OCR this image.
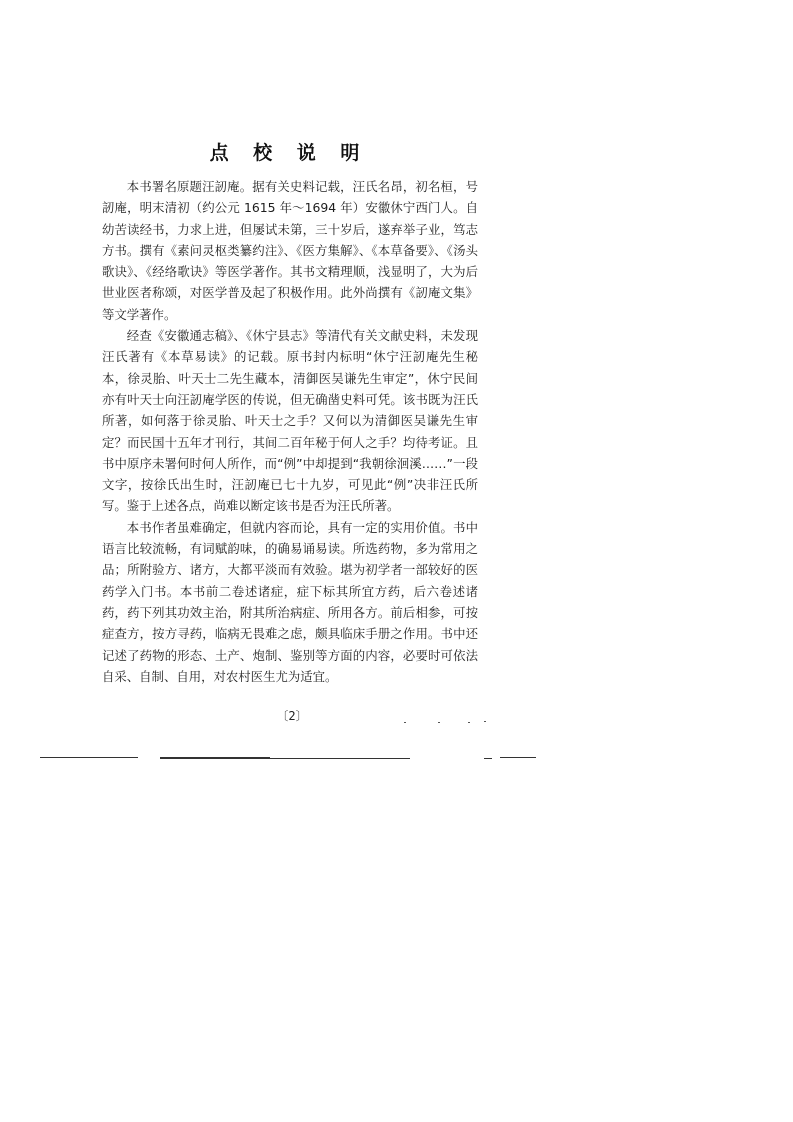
点 校 说 明

本书署名原题汪訒庵。据有关史料记载，汪氏名昂，初名桓，号訒庵，明末清初（约公元 1615 年～1694 年）安徽休宁西门人。自幼苦读经书，力求上进，但屡试未第，三十岁后，遂弃举子业，笃志方书。撰有《素问灵枢类纂约注》、《医方集解》、《本草备要》、《汤头歌诀》、《经络歌诀》等医学著作。其书文精理顺，浅显明了，大为后世业医者称颂，对医学普及起了积极作用。此外尚撰有《訒庵文集》等文学著作。

经查《安徽通志稿》、《休宁县志》等清代有关文献史料，未发现汪氏著有《本草易读》的记载。原书封内标明“休宁汪訒庵先生秘本，徐灵胎、叶天士二先生藏本，清御医吴谦先生审定”，休宁民间亦有叶天士向汪訒庵学医的传说，但无确凿史料可凭。该书既为汪氏所著，如何落于徐灵胎、叶天士之手？又何以为清御医吴谦先生审定？而民国十五年才刊行，其间二百年秘于何人之手？均待考证。且书中原序未署何时何人所作，而“例”中却提到“我朝徐洄溪……”一段文字，按徐氏出生时，汪訒庵已七十九岁，可见此“例”决非汪氏所写。鉴于上述各点，尚难以断定该书是否为汪氏所著。

本书作者虽难确定，但就内容而论，具有一定的实用价值。书中语言比较流畅，有词赋韵味，的确易诵易读。所选药物，多为常用之品；所附验方、诸方，大都平淡而有效验。堪为初学者一部较好的医药学入门书。本书前二卷述诸症，症下标其所宜方药，后六卷述诸药，药下列其功效主治，附其所治病症、所用各方。前后相参，可按症查方，按方寻药，临病无畏难之虑，颇具临床手册之作用。书中还记述了药物的形态、土产、炮制、鉴别等方面的内容，必要时可依法自采、自制、自用，对农村医生尤为适宜。

〔2〕
